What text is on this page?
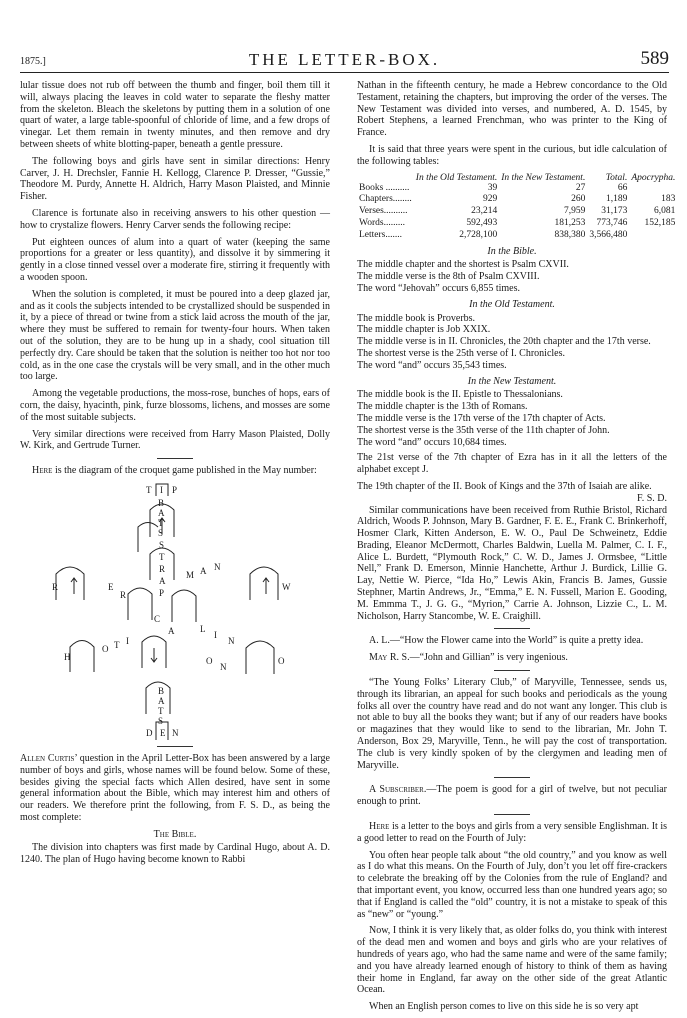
1875.]	THE LETTER-BOX.	589

lular tissue does not rub off between the thumb and finger, boil them till it will, always placing the leaves in cold water to separate the fleshy matter from the skeleton. Bleach the skeletons by putting them in a solution of one quart of water, a large table-spoonful of chloride of lime, and a few drops of vinegar. Let them remain in twenty minutes, and then remove and dry between sheets of white blotting-paper, beneath a gentle pressure.

The following boys and girls have sent in similar directions: Henry Carver, J. H. Drechsler, Fannie H. Kellogg, Clarence P. Dresser, “Gussie,” Theodore M. Purdy, Annette H. Aldrich, Harry Mason Plaisted, and Minnie Fisher.

Clarence is fortunate also in receiving answers to his other question —how to crystalize flowers. Henry Carver sends the following recipe:

Put eighteen ounces of alum into a quart of water (keeping the same proportions for a greater or less quantity), and dissolve it by simmering it gently in a close tinned vessel over a moderate fire, stirring it frequently with a wooden spoon.

When the solution is completed, it must be poured into a deep glazed jar, and as it cools the subjects intended to be crystallized should be suspended in it, by a piece of thread or twine from a stick laid across the mouth of the jar, where they must be suffered to remain for twenty-four hours. When taken out of the solution, they are to be hung up in a shady, cool situation till perfectly dry. Care should be taken that the solution is neither too hot nor too cold, as in the one case the crystals will be very small, and in the other much too large.

Among the vegetable productions, the moss-rose, bunches of hops, ears of corn, the daisy, hyacinth, pink, furze blossoms, lichens, and mosses are some of the most suitable subjects.

Very similar directions were received from Harry Mason Plaisted, Dolly W. Kirk, and Gertrude Turner.

Here is the diagram of the croquet game published in the May number:

T I P
B
A
T
S
S
T
R
A
P
R
H
W
O
E
R
M A N
C
A	L
I
N
O T I
O
N
B
A
T
S
D E N

Allen Curtis’ question in the April Letter-Box has been answered by a large number of boys and girls, whose names will be found below. Some of these, besides giving the special facts which Allen desired, have sent in some general information about the Bible, which may interest him and others of our readers. We therefore print the following, from F. S. D., as being the most complete:

The Bible.

The division into chapters was first made by Cardinal Hugo, about A. D. 1240. The plan of Hugo having become known to Rabbi

Nathan in the fifteenth century, he made a Hebrew concordance to the Old Testament, retaining the chapters, but improving the order of the verses. The New Testament was divided into verses, and numbered, A. D. 1545, by Robert Stephens, a learned Frenchman, who was printer to the King of France.

It is said that three years were spent in the curious, but idle calculation of the following tables:

	In the Old Testament.	In the New Testament.	Total.	Apocrypha.
Books ..........	39	27	66	
Chapters........	929	260	1,189	183
Verses..........	23,214	7,959	31,173	6,081
Words.........	592,493	181,253	773,746	152,185
Letters.......	2,728,100	838,380	3,566,480	
In the Bible.
The middle chapter and the shortest is Psalm CXVII.
The middle verse is the 8th of Psalm CXVIII.
The word “Jehovah” occurs 6,855 times.
In the Old Testament.
The middle book is Proverbs.
The middle chapter is Job XXIX.
The middle verse is in II. Chronicles, the 20th chapter and the 17th verse.
The shortest verse is the 25th verse of I. Chronicles.
The word “and” occurs 35,543 times.
In the New Testament.
The middle book is the II. Epistle to Thessalonians.
The middle chapter is the 13th of Romans.
The middle verse is the 17th verse of the 17th chapter of Acts.
The shortest verse is the 35th verse of the 11th chapter of John.
The word “and” occurs 10,684 times.

The 21st verse of the 7th chapter of Ezra has in it all the letters of the alphabet except J.

The 19th chapter of the II. Book of Kings and the 37th of Isaiah are alike.

F. S. D.

Similar communications have been received from Ruthie Bristol, Richard Aldrich, Woods P. Johnson, Mary B. Gardner, F. E. E., Frank C. Brinkerhoff, Hosmer Clark, Kitten Anderson, E. W. O., Paul De Schweinetz, Eddie Brading, Eleanor McDermott, Charles Baldwin, Luella M. Palmer, C. I. F., Alice L. Burdett, “Plymouth Rock,” C. W. D., James J. Ormsbee, “Little Nell,” Frank D. Emerson, Minnie Hanchette, Arthur J. Burdick, Lillie G. Lay, Nettie W. Pierce, “Ida Ho,” Lewis Akin, Francis B. James, Gussie Stephner, Martin Andrews, Jr., “Emma,” E. N. Fussell, Marion E. Gooding, M. Emmma T., J. G. G., “Myrion,” Carrie A. Johnson, Lizzie C., L. M. Nicholson, Harry Stancombe, W. E. Craighill.

A. L.—“How the Flower came into the World” is quite a pretty idea.

May R. S.—“John and Gillian” is very ingenious.

“The Young Folks’ Literary Club,” of Maryville, Tennessee, sends us, through its librarian, an appeal for such books and periodicals as the young folks all over the country have read and do not want any longer. This club is not able to buy all the books they want; but if any of our readers have books or magazines that they would like to send to the librarian, Mr. John T. Anderson, Box 29, Maryville, Tenn., he will pay the cost of transportation. The club is very kindly spoken of by the clergymen and leading men of Maryville.

A Subscriber.—The poem is good for a girl of twelve, but not peculiar enough to print.

Here is a letter to the boys and girls from a very sensible Englishman. It is a good letter to read on the Fourth of July:

You often hear people talk about “the old country,” and you know as well as I do what this means. On the Fourth of July, don’t you let off fire-crackers to celebrate the breaking off by the Colonies from the rule of England? and that important event, you know, occurred less than one hundred years ago; so that if England is called the “old” country, it is not a mistake to speak of this as “new” or “young.”

Now, I think it is very likely that, as older folks do, you think with interest of the dead men and women and boys and girls who are your relatives of hundreds of years ago, who had the same name and were of the same family; and you have already learned enough of history to think of them as having their home in England, far away on the other side of the great Atlantic Ocean.

When an English person comes to live on this side he is so very apt
